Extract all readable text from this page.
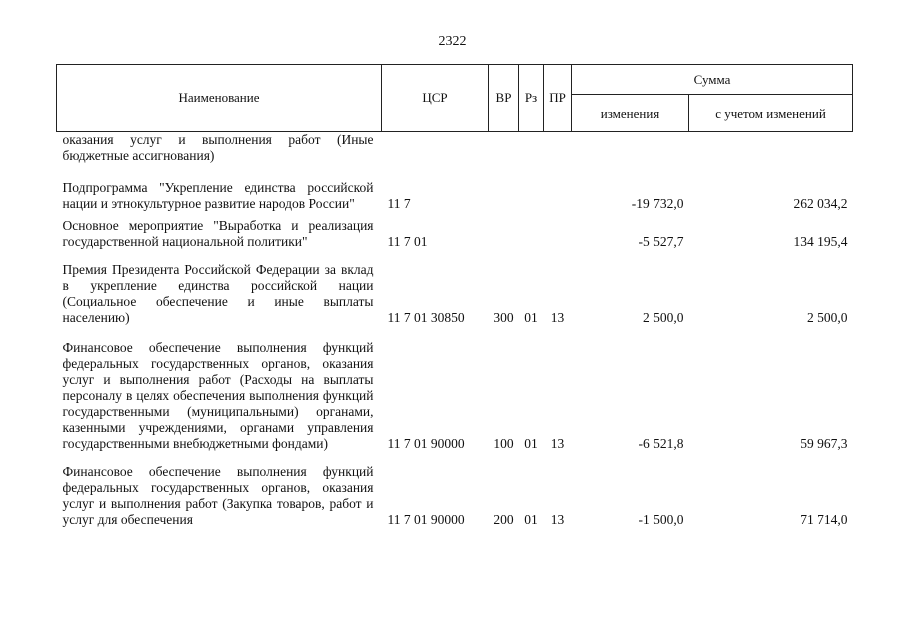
2322
Наименование	ЦСР	ВР	Рз	ПР	Сумма	
					изменения	с учетом изменений
оказания услуг и выполнения работ (Иные бюджетные ассигнования)						
Подпрограмма "Укрепление единства российской нации и этнокультурное развитие народов России"	11 7				-19 732,0	262 034,2
Основное мероприятие "Выработка и реализация государственной национальной политики"	11 7 01				-5 527,7	134 195,4
Премия Президента Российской Федерации за вклад в укрепление единства российской нации (Социальное обеспечение и иные выплаты населению)	11 7 01 30850	300	01	13	2 500,0	2 500,0
Финансовое обеспечение выполнения функций федеральных государственных органов, оказания услуг и выполнения работ (Расходы на выплаты персоналу в целях обеспечения выполнения функций государственными (муниципальными) органами, казенными учреждениями, органами управления государственными внебюджетными фондами)	11 7 01 90000	100	01	13	-6 521,8	59 967,3
Финансовое обеспечение выполнения функций федеральных государственных органов, оказания услуг и выполнения работ (Закупка товаров, работ и услуг для обеспечения	11 7 01 90000	200	01	13	-1 500,0	71 714,0
